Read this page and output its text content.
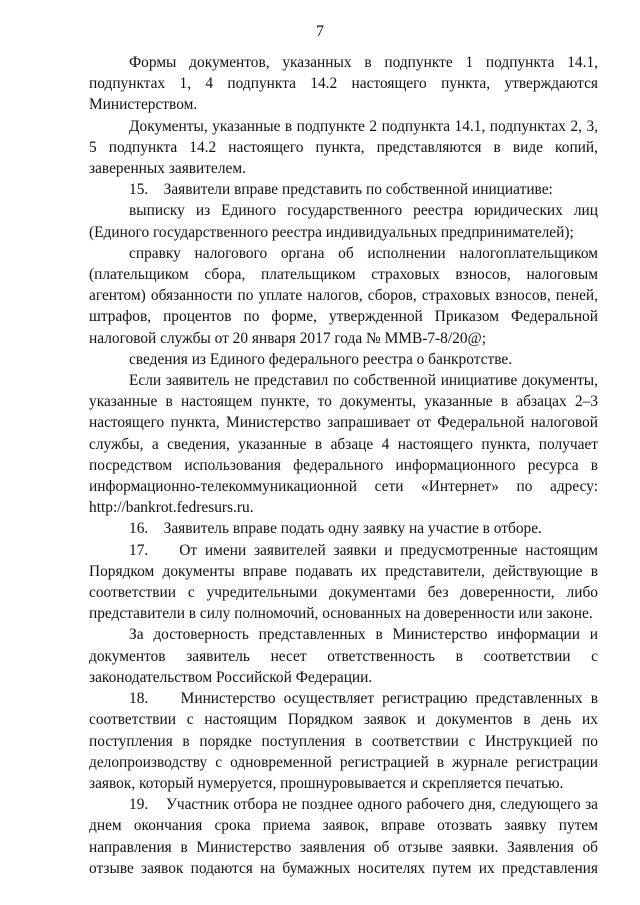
7

Формы документов, указанных в подпункте 1 подпункта 14.1, подпунктах 1, 4 подпункта 14.2 настоящего пункта, утверждаются Министерством.

Документы, указанные в подпункте 2 подпункта 14.1, подпунктах 2, 3, 5 подпункта 14.2 настоящего пункта, представляются в виде копий, заверенных заявителем.

15.    Заявители вправе представить по собственной инициативе:

выписку из Единого государственного реестра юридических лиц (Единого государственного реестра индивидуальных предпринимателей);

справку налогового органа об исполнении налогоплательщиком (плательщиком сбора, плательщиком страховых взносов, налоговым агентом) обязанности по уплате налогов, сборов, страховых взносов, пеней, штрафов, процентов по форме, утвержденной Приказом Федеральной налоговой службы от 20 января 2017 года № ММВ-7-8/20@;

сведения из Единого федерального реестра о банкротстве.

Если заявитель не представил по собственной инициативе документы, указанные в настоящем пункте, то документы, указанные в абзацах 2–3 настоящего пункта, Министерство запрашивает от Федеральной налоговой службы, а сведения, указанные в абзаце 4 настоящего пункта, получает посредством использования федерального информационного ресурса в информационно-телекоммуникационной сети «Интернет» по адресу: http://bankrot.fedresurs.ru.

16.    Заявитель вправе подать одну заявку на участие в отборе.

17.    От имени заявителей заявки и предусмотренные настоящим Порядком документы вправе подавать их представители, действующие в соответствии с учредительными документами без доверенности, либо представители в силу полномочий, основанных на доверенности или законе.

За достоверность представленных в Министерство информации и документов заявитель несет ответственность в соответствии с законодательством Российской Федерации.

18.    Министерство осуществляет регистрацию представленных в соответствии с настоящим Порядком заявок и документов в день их поступления в порядке поступления в соответствии с Инструкцией по делопроизводству с одновременной регистрацией в журнале регистрации заявок, который нумеруется, прошнуровывается и скрепляется печатью.

19.    Участник отбора не позднее одного рабочего дня, следующего за днем окончания срока приема заявок, вправе отозвать заявку путем направления в Министерство заявления об отзыве заявки. Заявления об отзыве заявок подаются на бумажных носителях путем их представления
